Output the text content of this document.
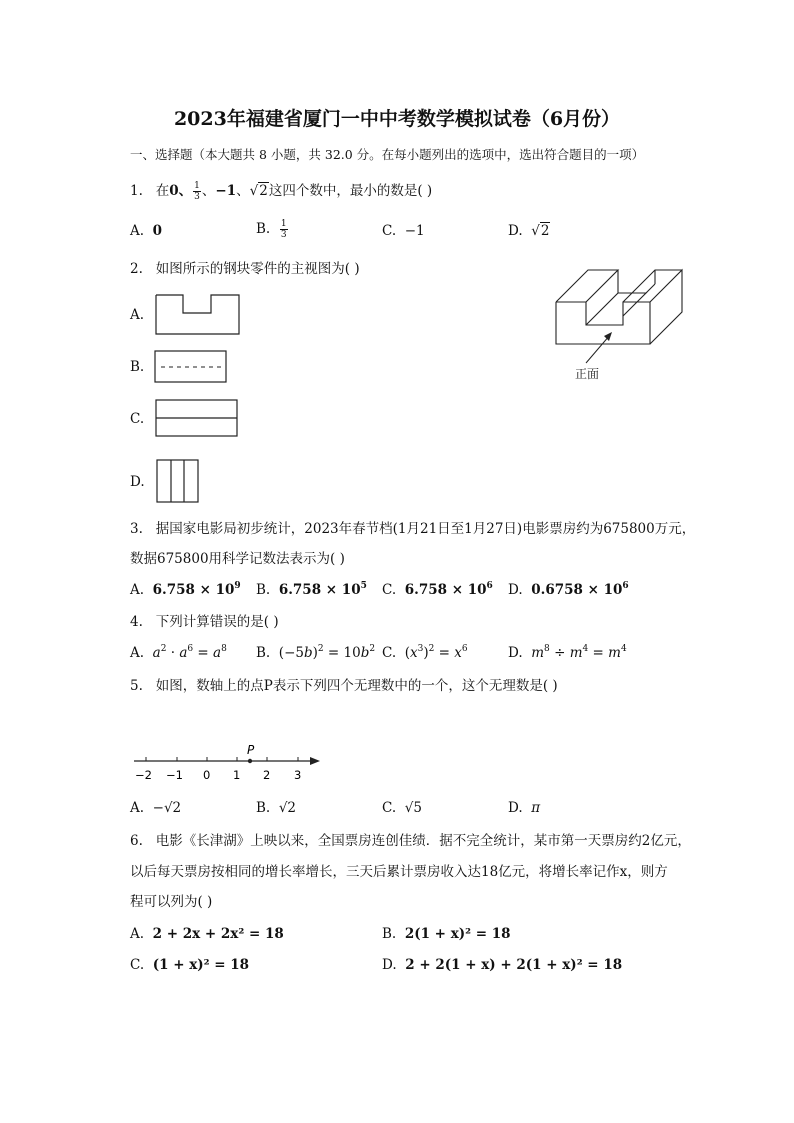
2023年福建省厦门一中中考数学模拟试卷（6月份）
一、选择题（本大题共 8 小题，共 32.0 分。在每小题列出的选项中，选出符合题目的一项）
1. 在0、 $\frac{1}{3}$ 、−1、√2这四个数中，最小的数是( )
A. 0	B. $\frac{1}{3}$	C. −1	D. √2
2. 如图所示的钢块零件的主视图为( )
正面
A.
B.
C.
D.
3. 据国家电影局初步统计，2023年春节档(1月21日至1月27日)电影票房约为675800万元，
数据675800用科学记数法表示为( )
A. $6.758 \times 10^9$ B. $6.758 \times 10^5$ C. $6.758 \times 10^6$ D. $0.6758 \times 10^6$
4. 下列计算错误的是( )
A. $a^2 \cdot a^6 = a^8$ B.  $(-5b)^2 = 10b^2$ C.  $(x^3)^2 = x^6$	D. $m^8 \div m^4 = m^4$
5. 如图，数轴上的点P表示下列四个无理数中的一个，这个无理数是( )
P
−2 −1 0 1 2 3
A. −√2	B. √2	C. √5	D. π
6. 电影《长津湖》上映以来，全国票房连创佳绩．据不完全统计，某市第一天票房约2亿元，
以后每天票房按相同的增长率增长，三天后累计票房收入达18亿元，将增长率记作x，则方
程可以列为( )
A. 2 + 2x + 2x² = 18	B. 2(1 + x)² = 18
C. (1 + x)² = 18	D. 2 + 2(1 + x) + 2(1 + x)² = 18
